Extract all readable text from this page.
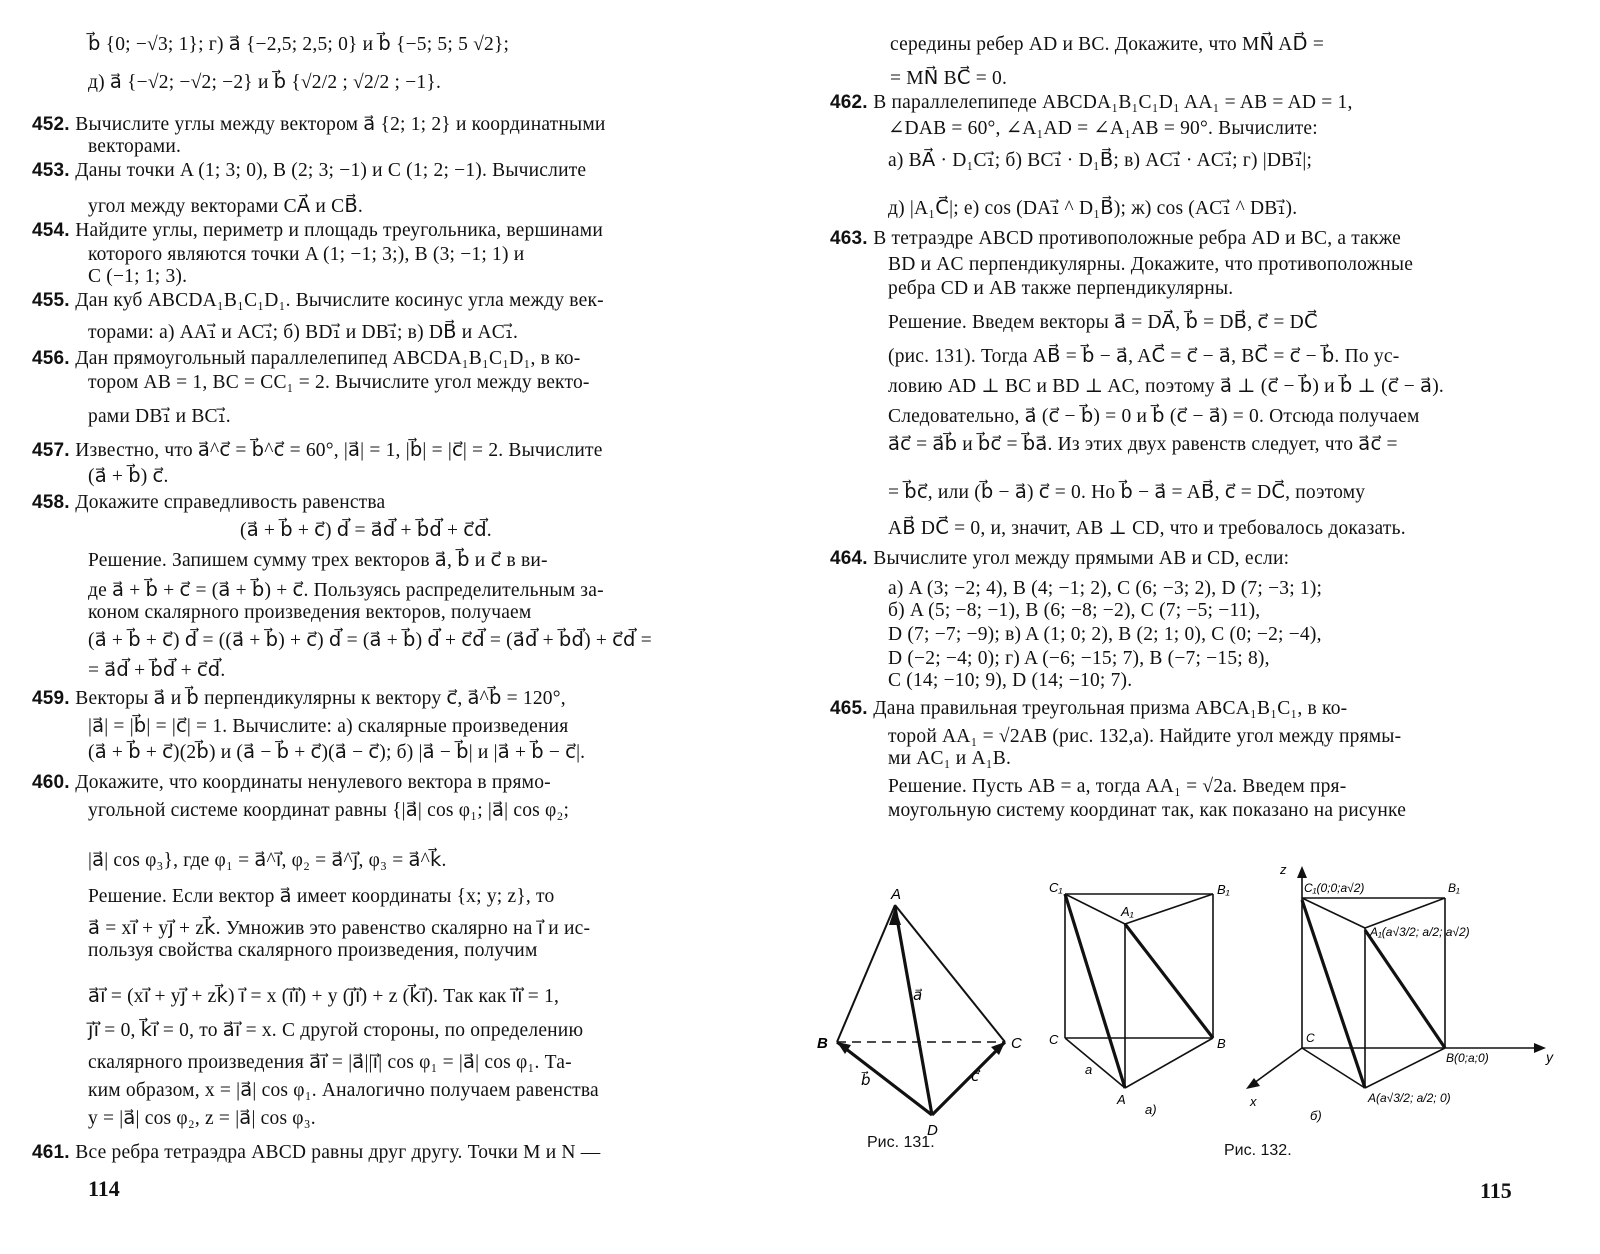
b⃗ {0; −√3; 1}; г) a⃗ {−2,5; 2,5; 0} и b⃗ {−5; 5; 5 √2};
д) a⃗ {−√2; −√2; −2} и b⃗ {√2/2 ; √2/2 ; −1}.
452. Вычислите углы между вектором a⃗ {2; 1; 2} и координатными
векторами.
453. Даны точки A (1; 3; 0), B (2; 3; −1) и C (1; 2; −1). Вычислите
угол между векторами CA⃗ и CB⃗.
454. Найдите углы, периметр и площадь треугольника, вершинами
которого являются точки A (1; −1; 3;), B (3; −1; 1) и
C (−1; 1; 3).
455. Дан куб ABCDA₁B₁C₁D₁. Вычислите косинус угла между век-
торами: а) AA₁⃗ и AC₁⃗; б) BD₁⃗ и DB₁⃗; в) DB⃗ и AC₁⃗.
456. Дан прямоугольный параллелепипед ABCDA₁B₁C₁D₁, в ко-
тором AB = 1, BC = CC₁ = 2. Вычислите угол между векто-
рами DB₁⃗ и BC₁⃗.
457. Известно, что a⃗^c⃗ = b⃗^c⃗ = 60°, |a⃗| = 1, |b⃗| = |c⃗| = 2. Вычислите
(a⃗ + b⃗) c⃗.
458. Докажите справедливость равенства
(a⃗ + b⃗ + c⃗) d⃗ = a⃗d⃗ + b⃗d⃗ + c⃗d⃗.
Решение. Запишем сумму трех векторов a⃗, b⃗ и c⃗ в ви-
де a⃗ + b⃗ + c⃗ = (a⃗ + b⃗) + c⃗. Пользуясь распределительным за-
коном скалярного произведения векторов, получаем
(a⃗ + b⃗ + c⃗) d⃗ = ((a⃗ + b⃗) + c⃗) d⃗ = (a⃗ + b⃗) d⃗ + c⃗d⃗ = (a⃗d⃗ + b⃗d⃗) + c⃗d⃗ =
= a⃗d⃗ + b⃗d⃗ + c⃗d⃗.
459. Векторы a⃗ и b⃗ перпендикулярны к вектору c⃗, a⃗^b⃗ = 120°,
|a⃗| = |b⃗| = |c⃗| = 1. Вычислите: а) скалярные произведения
(a⃗ + b⃗ + c⃗)(2b⃗) и (a⃗ − b⃗ + c⃗)(a⃗ − c⃗); б) |a⃗ − b⃗| и |a⃗ + b⃗ − c⃗|.
460. Докажите, что координаты ненулевого вектора в прямо-
угольной системе координат равны {|a⃗| cos φ₁; |a⃗| cos φ₂;
|a⃗| cos φ₃}, где φ₁ = a⃗^i⃗, φ₂ = a⃗^j⃗, φ₃ = a⃗^k⃗.
Решение. Если вектор a⃗ имеет координаты {x; y; z}, то
a⃗ = xi⃗ + yj⃗ + zk⃗. Умножив это равенство скалярно на i⃗ и ис-
пользуя свойства скалярного произведения, получим
a⃗i⃗ = (xi⃗ + yj⃗ + zk⃗) i⃗ = x (i⃗i⃗) + y (j⃗i⃗) + z (k⃗i⃗). Так как i⃗i⃗ = 1,
j⃗i⃗ = 0, k⃗i⃗ = 0, то a⃗i⃗ = x. С другой стороны, по определению
скалярного произведения a⃗i⃗ = |a⃗||i⃗| cos φ₁ = |a⃗| cos φ₁. Та-
ким образом, x = |a⃗| cos φ₁. Аналогично получаем равенства
y = |a⃗| cos φ₂, z = |a⃗| cos φ₃.
461. Все ребра тетраэдра ABCD равны друг другу. Точки M и N —
114
середины ребер AD и BC. Докажите, что MN⃗ AD⃗ =
= MN⃗ BC⃗ = 0.
462. В параллелепипеде ABCDA₁B₁C₁D₁ AA₁ = AB = AD = 1,
∠DAB = 60°, ∠A₁AD = ∠A₁AB = 90°. Вычислите:
а) BA⃗ · D₁C₁⃗; б) BC₁⃗ · D₁B⃗; в) AC₁⃗ · AC₁⃗; г) |DB₁⃗|;
д) |A₁C⃗|; е) cos (DA₁⃗ ^ D₁B⃗); ж) cos (AC₁⃗ ^ DB₁⃗).
463. В тетраэдре ABCD противоположные ребра AD и BC, а также
BD и AC перпендикулярны. Докажите, что противоположные
ребра CD и AB также перпендикулярны.
Решение. Введем векторы a⃗ = DA⃗, b⃗ = DB⃗, c⃗ = DC⃗
(рис. 131). Тогда AB⃗ = b⃗ − a⃗, AC⃗ = c⃗ − a⃗, BC⃗ = c⃗ − b⃗. По ус-
ловию AD ⊥ BC и BD ⊥ AC, поэтому a⃗ ⊥ (c⃗ − b⃗) и b⃗ ⊥ (c⃗ − a⃗).
Следовательно, a⃗ (c⃗ − b⃗) = 0 и b⃗ (c⃗ − a⃗) = 0. Отсюда получаем
a⃗c⃗ = a⃗b⃗ и b⃗c⃗ = b⃗a⃗. Из этих двух равенств следует, что a⃗c⃗ =
= b⃗c⃗, или (b⃗ − a⃗) c⃗ = 0. Но b⃗ − a⃗ = AB⃗, c⃗ = DC⃗, поэтому
AB⃗ DC⃗ = 0, и, значит, AB ⊥ CD, что и требовалось доказать.
464. Вычислите угол между прямыми AB и CD, если:
а) A (3; −2; 4), B (4; −1; 2), C (6; −3; 2), D (7; −3; 1);
б) A (5; −8; −1), B (6; −8; −2), C (7; −5; −11),
D (7; −7; −9); в) A (1; 0; 2), B (2; 1; 0), C (0; −2; −4),
D (−2; −4; 0); г) A (−6; −15; 7), B (−7; −15; 8),
C (14; −10; 9), D (14; −10; 7).
465. Дана правильная треугольная призма ABCA₁B₁C₁, в ко-
торой AA₁ = √2AB (рис. 132,а). Найдите угол между прямы-
ми AC₁ и A₁B.
Решение. Пусть AB = a, тогда AA₁ = √2a. Введем пря-
моугольную систему координат так, как показано на рисунке
A
B	C
D
a⃗
b⃗	c⃗
Рис. 131.
C₁	B₁
A₁
C	B
A
a
а)
z
y
x
C₁(0;0;a√2)	B₁
A₁(a√3/2; a/2; a√2)
C
B(0;a;0)
A(a√3/2; a/2; 0)
б)
Рис. 132.
115
